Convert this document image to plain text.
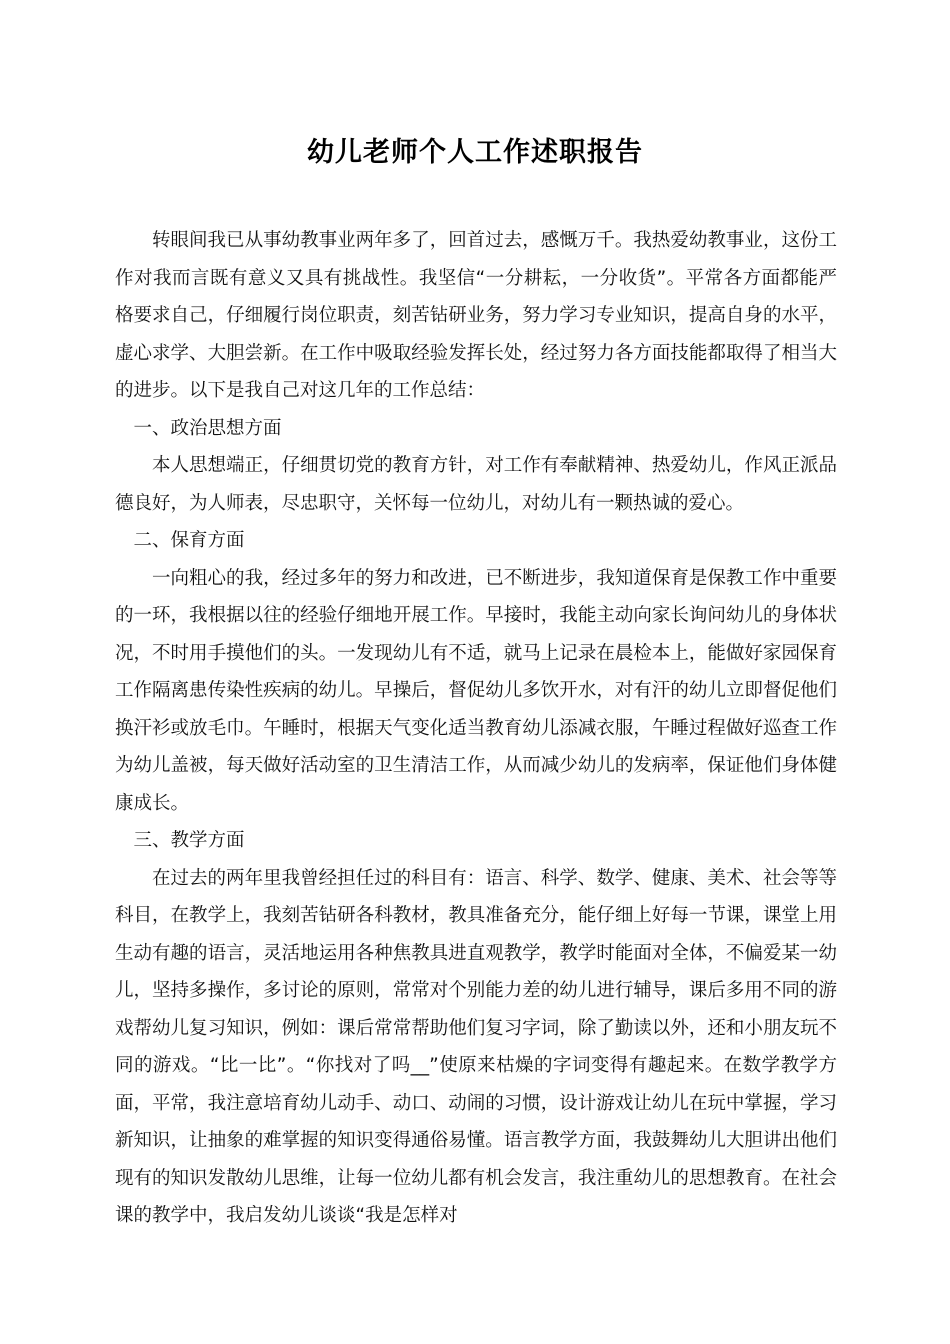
幼儿老师个人工作述职报告

转眼间我已从事幼教事业两年多了，回首过去，感慨万千。我热爱幼教事业，这份工作对我而言既有意义又具有挑战性。我坚信“一分耕耘，一分收货”。平常各方面都能严格要求自己，仔细履行岗位职责，刻苦钻研业务，努力学习专业知识，提高自身的水平，虚心求学、大胆尝新。在工作中吸取经验发挥长处，经过努力各方面技能都取得了相当大的进步。以下是我自己对这几年的工作总结：

一、政治思想方面

本人思想端正，仔细贯切党的教育方针，对工作有奉献精神、热爱幼儿，作风正派品德良好，为人师表，尽忠职守，关怀每一位幼儿，对幼儿有一颗热诚的爱心。

二、保育方面

一向粗心的我，经过多年的努力和改进，已不断进步，我知道保育是保教工作中重要的一环，我根据以往的经验仔细地开展工作。早接时，我能主动向家长询问幼儿的身体状况，不时用手摸他们的头。一发现幼儿有不适，就马上记录在晨检本上，能做好家园保育工作隔离患传染性疾病的幼儿。早操后，督促幼儿多饮开水，对有汗的幼儿立即督促他们换汗衫或放毛巾。午睡时，根据天气变化适当教育幼儿添减衣服，午睡过程做好巡查工作为幼儿盖被，每天做好活动室的卫生清洁工作，从而减少幼儿的发病率，保证他们身体健康成长。

三、教学方面

在过去的两年里我曾经担任过的科目有：语言、科学、数学、健康、美术、社会等等科目，在教学上，我刻苦钻研各科教材，教具准备充分，能仔细上好每一节课，课堂上用生动有趣的语言，灵活地运用各种焦教具进直观教学，教学时能面对全体，不偏爱某一幼儿，坚持多操作，多讨论的原则，常常对个别能力差的幼儿进行辅导，课后多用不同的游戏帮幼儿复习知识，例如：课后常常帮助他们复习字词，除了勤读以外，还和小朋友玩不同的游戏。“比一比”。“你找对了吗__”使原来枯燥的字词变得有趣起来。在数学教学方面，平常，我注意培育幼儿动手、动口、动闹的习惯，设计游戏让幼儿在玩中掌握，学习新知识，让抽象的难掌握的知识变得通俗易懂。语言教学方面，我鼓舞幼儿大胆讲出他们现有的知识发散幼儿思维，让每一位幼儿都有机会发言，我注重幼儿的思想教育。在社会课的教学中，我启发幼儿谈谈“我是怎样对
